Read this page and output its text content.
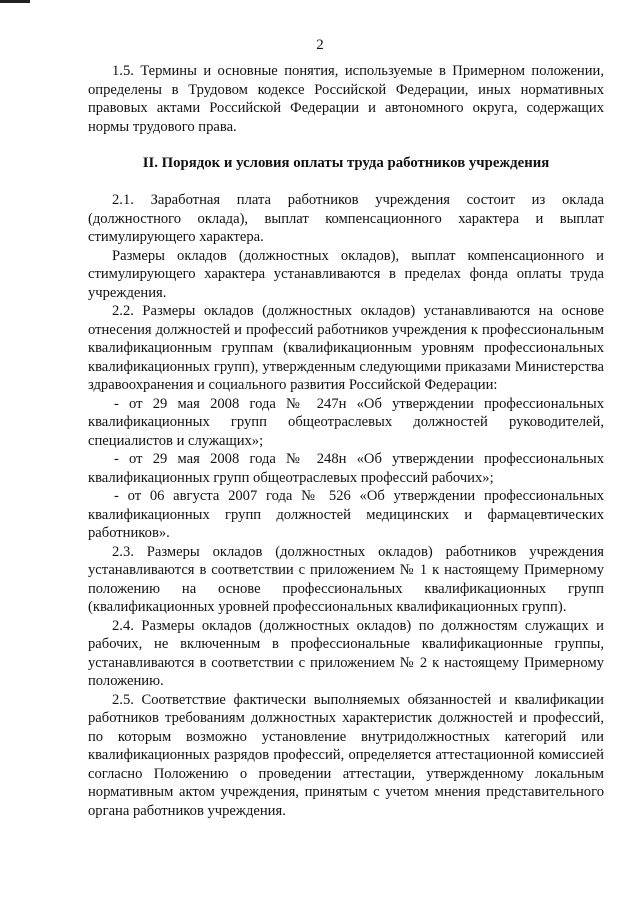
2

1.5. Термины и основные понятия, используемые в Примерном положении, определены в Трудовом кодексе Российской Федерации, иных нормативных правовых актами Российской Федерации и автономного округа, содержащих нормы трудового права.

II. Порядок и условия оплаты труда работников учреждения

2.1. Заработная плата работников учреждения состоит из оклада (должностного оклада), выплат компенсационного характера и выплат стимулирующего характера.

Размеры окладов (должностных окладов), выплат компенсационного и стимулирующего характера устанавливаются в пределах фонда оплаты труда учреждения.

2.2. Размеры окладов (должностных окладов) устанавливаются на основе отнесения должностей и профессий работников учреждения к профессиональным квалификационным группам (квалификационным уровням профессиональных квалификационных групп), утвержденным следующими приказами Министерства здравоохранения и социального развития Российской Федерации:

- от 29 мая 2008 года № 247н «Об утверждении профессиональных квалификационных групп общеотраслевых должностей руководителей, специалистов и служащих»;

- от 29 мая 2008 года № 248н «Об утверждении профессиональных квалификационных групп общеотраслевых профессий рабочих»;

- от 06 августа 2007 года № 526 «Об утверждении профессиональных квалификационных групп должностей медицинских и фармацевтических работников».

2.3. Размеры окладов (должностных окладов) работников учреждения устанавливаются в соответствии с приложением № 1 к настоящему Примерному положению на основе профессиональных квалификационных групп (квалификационных уровней профессиональных квалификационных групп).

2.4. Размеры окладов (должностных окладов) по должностям служащих и рабочих, не включенным в профессиональные квалификационные группы, устанавливаются в соответствии с приложением № 2 к настоящему Примерному положению.

2.5. Соответствие фактически выполняемых обязанностей и квалификации работников требованиям должностных характеристик должностей и профессий, по которым возможно установление внутридолжностных категорий или квалификационных разрядов профессий, определяется аттестационной комиссией согласно Положению о проведении аттестации, утвержденному локальным нормативным актом учреждения, принятым с учетом мнения представительного органа работников учреждения.
